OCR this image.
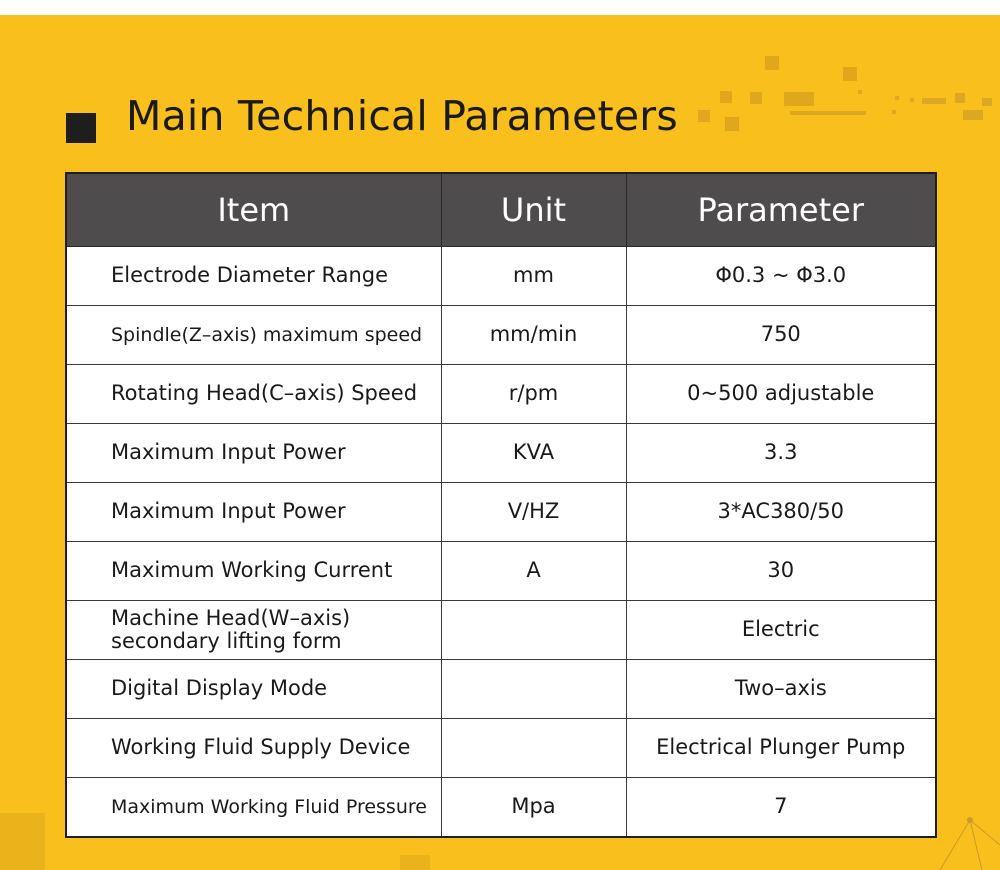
Main Technical Parameters
Item	Unit	Parameter
Electrode Diameter Range	mm	Φ0.3 ~ Φ3.0
Spindle(Z–axis) maximum speed	mm/min	750
Rotating Head(C–axis) Speed	r/pm	0~500 adjustable
Maximum Input Power	KVA	3.3
Maximum Input Power	V/HZ	3*AC380/50
Maximum Working Current	A	30
Machine Head(W–axis) secondary lifting form		Electric
Digital Display Mode		Two–axis
Working Fluid Supply Device		Electrical Plunger Pump
Maximum Working Fluid Pressure	Mpa	7
